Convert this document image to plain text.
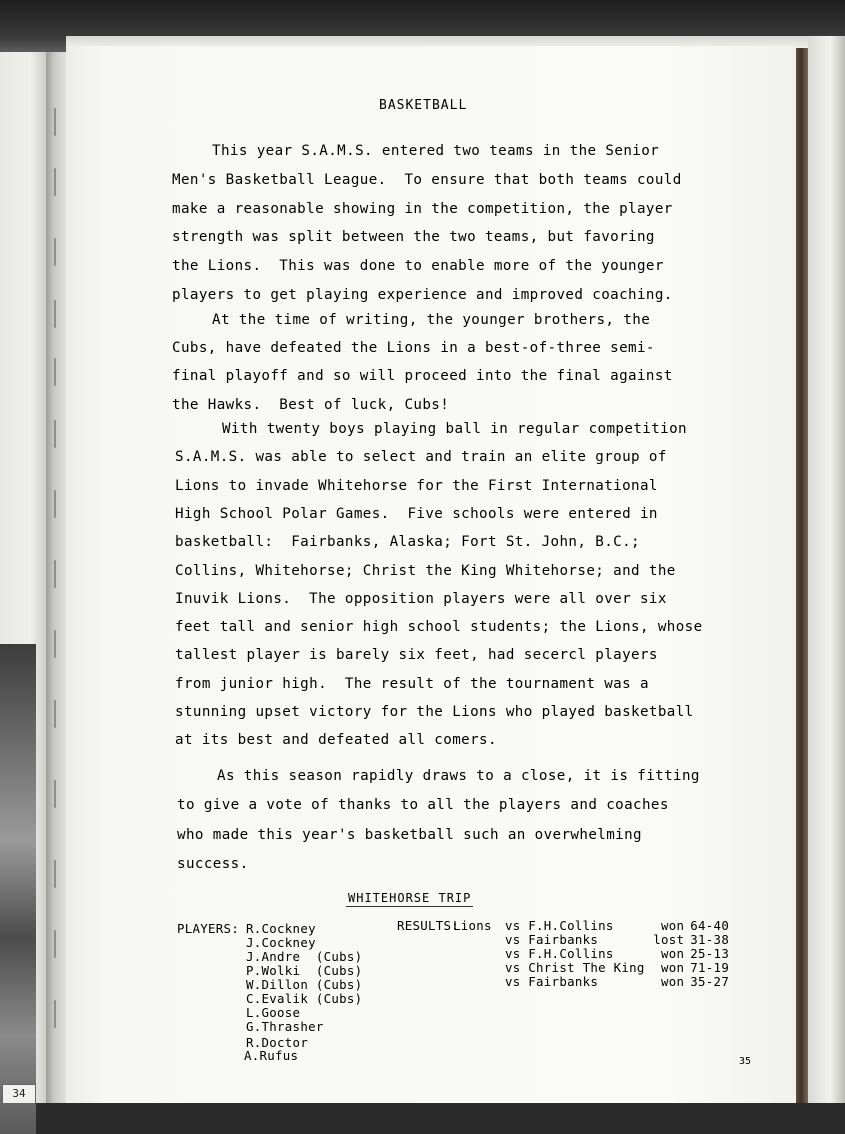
34
BASKETBALL
This year S.A.M.S. entered two teams in the Senior
Men's Basketball League.  To ensure that both teams could
make a reasonable showing in the competition, the player
strength was split between the two teams, but favoring
the Lions.  This was done to enable more of the younger
players to get playing experience and improved coaching.
At the time of writing, the younger brothers, the
Cubs, have defeated the Lions in a best-of-three semi-
final playoff and so will proceed into the final against
the Hawks.  Best of luck, Cubs!
With twenty boys playing ball in regular competition
S.A.M.S. was able to select and train an elite group of
Lions to invade Whitehorse for the First International
High School Polar Games.  Five schools were entered in
basketball:  Fairbanks, Alaska; Fort St. John, B.C.;
Collins, Whitehorse; Christ the King Whitehorse; and the
Inuvik Lions.  The opposition players were all over six
feet tall and senior high school students; the Lions, whose
tallest player is barely six feet, had secercl players
from junior high.  The result of the tournament was a
stunning upset victory for the Lions who played basketball
at its best and defeated all comers.
As this season rapidly draws to a close, it is fitting
to give a vote of thanks to all the players and coaches
who made this year's basketball such an overwhelming
success.
WHITEHORSE TRIP
PLAYERS: R.Cockney
J.Cockney
J.Andre  (Cubs)
P.Wolki  (Cubs)
W.Dillon (Cubs)
C.Evalik (Cubs)
L.Goose
G.Thrasher
R.Doctor
A.Rufus
RESULTS:
Lions vs F.H.Collins	won 64-40
vs Fairbanks	lost 31-38
vs F.H.Collins	won 25-13
vs Christ The King won 71-19
vs Fairbanks	won 35-27
35
